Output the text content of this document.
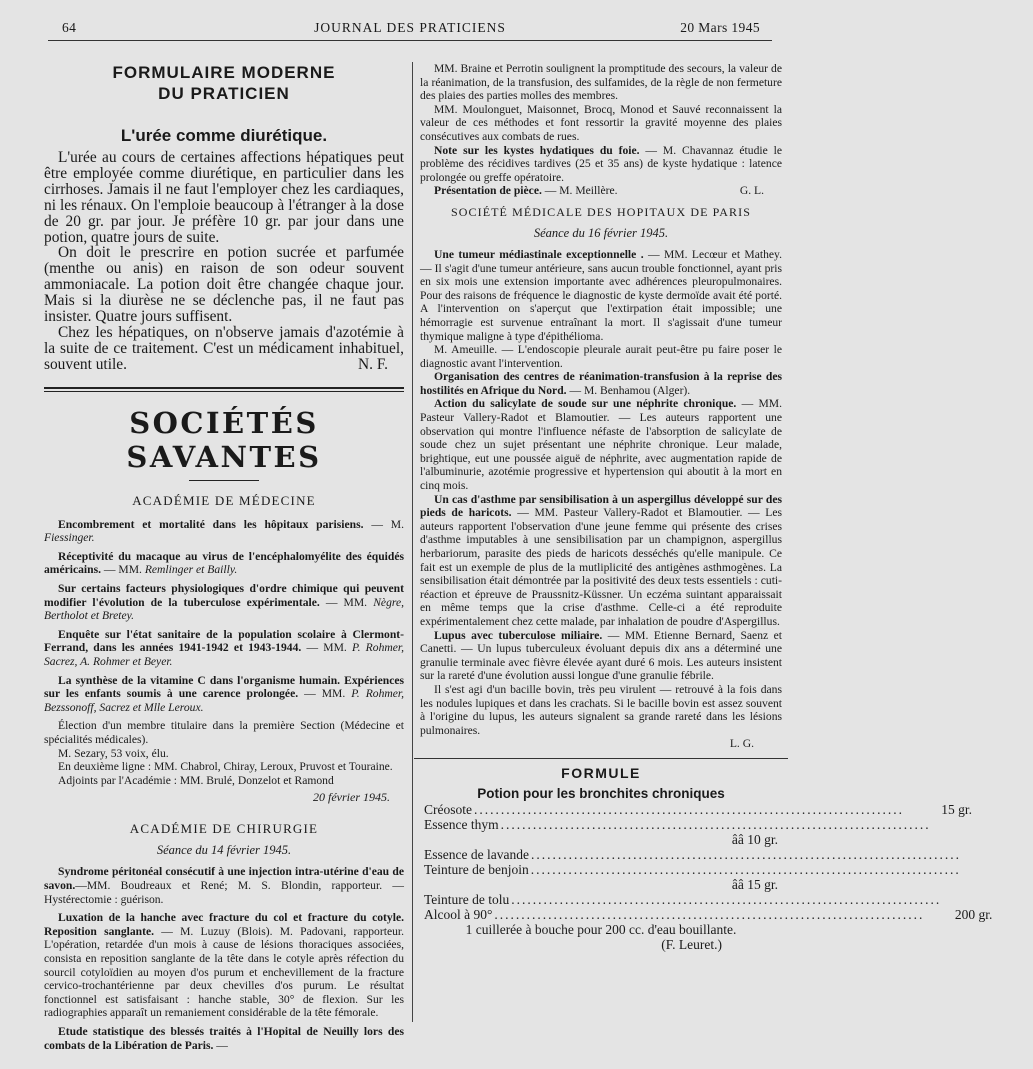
64	JOURNAL DES PRATICIENS	20 Mars 1945
FORMULAIRE MODERNE
DU PRATICIEN
L'urée comme diurétique.

L'urée au cours de certaines affections hépatiques peut être employée comme diurétique, en particulier dans les cirrhoses. Jamais il ne faut l'employer chez les cardiaques, ni les rénaux. On l'emploie beaucoup à l'étranger à la dose de 20 gr. par jour. Je préfère 10 gr. par jour dans une potion, quatre jours de suite.

On doit le prescrire en potion sucrée et parfumée (menthe ou anis) en raison de son odeur souvent ammoniacale. La potion doit être changée chaque jour. Mais si la diurèse ne se déclenche pas, il ne faut pas insister. Quatre jours suffisent.

Chez les hépatiques, on n'observe jamais d'azotémie à la suite de ce traitement. C'est un médicament inhabituel, souvent utile.	N. F.

SOCIÉTÉS SAVANTES
ACADÉMIE DE MÉDECINE

Encombrement et mortalité dans les hôpitaux parisiens. — M. Fiessinger.

Réceptivité du macaque au virus de l'encéphalomyélite des équidés américains. — MM. Remlinger et Bailly.

Sur certains facteurs physiologiques d'ordre chimique qui peuvent modifier l'évolution de la tuberculose expérimentale. — MM. Nègre, Bertholot et Bretey.

Enquête sur l'état sanitaire de la population scolaire à Clermont-Ferrand, dans les années 1941-1942 et 1943-1944. — MM. P. Rohmer, Sacrez, A. Rohmer et Beyer.

La synthèse de la vitamine C dans l'organisme humain. Expériences sur les enfants soumis à une carence prolongée. — MM. P. Rohmer, Bezssonoff, Sacrez et Mlle Leroux.

Élection d'un membre titulaire dans la première Section (Médecine et spécialités médicales).

M. Sezary, 53 voix, élu.

En deuxième ligne : MM. Chabrol, Chiray, Leroux, Pruvost et Touraine.

Adjoints par l'Académie : MM. Brulé, Donzelot et Ramond

20 février 1945.
ACADÉMIE DE CHIRURGIE
Séance du 14 février 1945.

Syndrome péritonéal consécutif à une injection intra-utérine d'eau de savon.—MM. Boudreaux et René; M. S. Blondin, rapporteur. — Hystérectomie : guérison.

Luxation de la hanche avec fracture du col et fracture du cotyle. Reposition sanglante. — M. Luzuy (Blois). M. Padovani, rapporteur. L'opération, retardée d'un mois à cause de lésions thoraciques associées, consista en reposition sanglante de la tête dans le cotyle après réfection du sourcil cotyloïdien au moyen d'os purum et enchevillement de la fracture cervico-trochantérienne par deux chevilles d'os purum. Le résultat fonctionnel est satisfaisant : hanche stable, 30° de flexion. Sur les radiographies apparaît un remaniement considérable de la tête fémorale.

Etude statistique des blessés traités à l'Hopital de Neuilly lors des combats de la Libération de Paris. —

MM. Braine et Perrotin soulignent la promptitude des secours, la valeur de la réanimation, de la transfusion, des sulfamides, de la règle de non fermeture des plaies des parties molles des membres.

MM. Moulonguet, Maisonnet, Brocq, Monod et Sauvé reconnaissent la valeur de ces méthodes et font ressortir la gravité moyenne des plaies consécutives aux combats de rues.

Note sur les kystes hydatiques du foie. — M. Chavannaz étudie le problème des récidives tardives (25 et 35 ans) de kyste hydatique : latence prolongée ou greffe opératoire.

Présentation de pièce. — M. Meillère.	G. L.
SOCIÉTÉ MÉDICALE DES HOPITAUX DE PARIS
Séance du 16 février 1945.

Une tumeur médiastinale exceptionnelle . — MM. Lecœur et Mathey. — Il s'agit d'une tumeur antérieure, sans aucun trouble fonctionnel, ayant pris en six mois une extension importante avec adhérences pleuropulmonaires. Pour des raisons de fréquence le diagnostic de kyste dermoïde avait été porté. A l'intervention on s'aperçut que l'extirpation était impossible; une hémorragie est survenue entraînant la mort. Il s'agissait d'une tumeur thymique maligne à type d'épithélioma.

M. Ameuille. — L'endoscopie pleurale aurait peut-être pu faire poser le diagnostic avant l'intervention.

Organisation des centres de réanimation-transfusion à la reprise des hostilités en Afrique du Nord. — M. Benhamou (Alger).

Action du salicylate de soude sur une néphrite chronique. — MM. Pasteur Vallery-Radot et Blamoutier. — Les auteurs rapportent une observation qui montre l'influence néfaste de l'absorption de salicylate de soude chez un sujet présentant une néphrite chronique. Leur malade, brightique, eut une poussée aiguë de néphrite, avec augmentation rapide de l'albuminurie, azotémie progressive et hypertension qui aboutit à la mort en cinq mois.

Un cas d'asthme par sensibilisation à un aspergillus développé sur des pieds de haricots. — MM. Pasteur Vallery-Radot et Blamoutier. — Les auteurs rapportent l'observation d'une jeune femme qui présente des crises d'asthme imputables à une sensibilisation par un champignon, aspergillus herbariorum, parasite des pieds de haricots desséchés qu'elle manipule. Ce fait est un exemple de plus de la mutliplicité des antigènes asthmogènes. La sensibilisation était démontrée par la positivité des deux tests essentiels : cuti-réaction et épreuve de Praussnitz-Küssner. Un eczéma suintant apparaissait en même temps que la crise d'asthme. Celle-ci a été reproduite expérimentalement chez cette malade, par inhalation de poudre d'Aspergillus.

Lupus avec tuberculose miliaire. — MM. Etienne Bernard, Saenz et Canetti. — Un lupus tuberculeux évoluant depuis dix ans a déterminé une granulie terminale avec fièvre élevée ayant duré 6 mois. Les auteurs insistent sur la rareté d'une évolution aussi longue d'une granulie fébrile.

Il s'est agi d'un bacille bovin, très peu virulent — retrouvé à la fois dans les nodules lupiques et dans les crachats. Si le bacille bovin est assez souvent à l'origine du lupus, les auteurs signalent sa grande rareté dans les lésions pulmonaires.

L. G.
FORMULE
Potion pour les bronchites chroniques
Créosote ................................................................................	15 gr.
Essence thym ................................................................................
ââ 10 gr.
Essence de lavande ................................................................................
Teinture de benjoin ................................................................................
ââ 15 gr.
Teinture de tolu ................................................................................
Alcool à 90° ................................................................................	200 gr.
1 cuillerée à bouche pour 200 cc. d'eau bouillante.
(F. Leuret.)
